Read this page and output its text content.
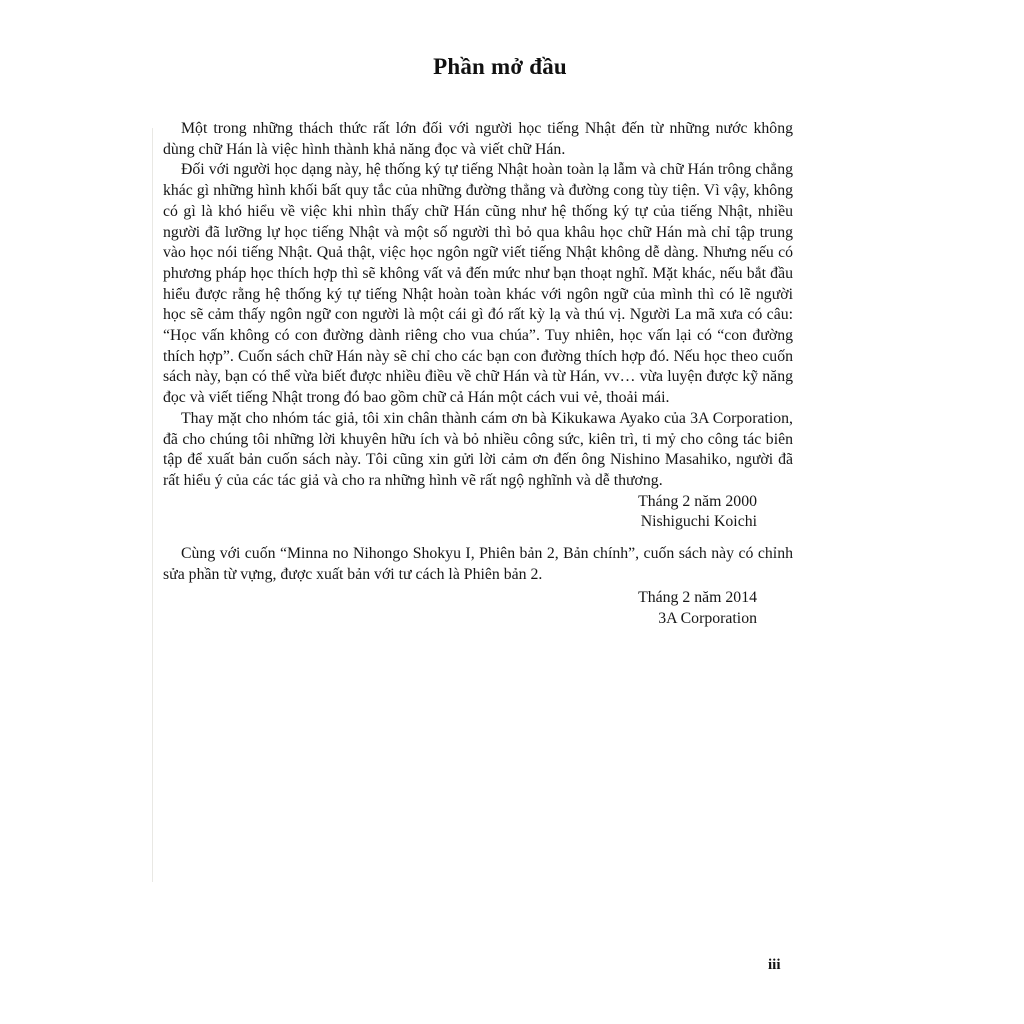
Phần mở đầu

Một trong những thách thức rất lớn đối với người học tiếng Nhật đến từ những nước không dùng chữ Hán là việc hình thành khả năng đọc và viết chữ Hán.

Đối với người học dạng này, hệ thống ký tự tiếng Nhật hoàn toàn lạ lẫm và chữ Hán trông chẳng khác gì những hình khối bất quy tắc của những đường thẳng và đường cong tùy tiện. Vì vậy, không có gì là khó hiểu về việc khi nhìn thấy chữ Hán cũng như hệ thống ký tự của tiếng Nhật, nhiều người đã lưỡng lự học tiếng Nhật và một số người thì bỏ qua khâu học chữ Hán mà chỉ tập trung vào học nói tiếng Nhật. Quả thật, việc học ngôn ngữ viết tiếng Nhật không dễ dàng. Nhưng nếu có phương pháp học thích hợp thì sẽ không vất vả đến mức như bạn thoạt nghĩ. Mặt khác, nếu bắt đầu hiểu được rằng hệ thống ký tự tiếng Nhật hoàn toàn khác với ngôn ngữ của mình thì có lẽ người học sẽ cảm thấy ngôn ngữ con người là một cái gì đó rất kỳ lạ và thú vị. Người La mã xưa có câu: “Học vấn không có con đường dành riêng cho vua chúa”. Tuy nhiên, học vấn lại có “con đường thích hợp”. Cuốn sách chữ Hán này sẽ chỉ cho các bạn con đường thích hợp đó. Nếu học theo cuốn sách này, bạn có thể vừa biết được nhiều điều về chữ Hán và từ Hán, vv… vừa luyện được kỹ năng đọc và viết tiếng Nhật trong đó bao gồm chữ cả Hán một cách vui vẻ, thoải mái.

Thay mặt cho nhóm tác giả, tôi xin chân thành cám ơn bà Kikukawa Ayako của 3A Corporation, đã cho chúng tôi những lời khuyên hữu ích và bỏ nhiều công sức, kiên trì, ti mỷ cho công tác biên tập để xuất bản cuốn sách này. Tôi cũng xin gửi lời cảm ơn đến ông Nishino Masahiko, người đã rất hiểu ý của các tác giả và cho ra những hình vẽ rất ngộ nghĩnh và dễ thương.

Tháng 2 năm 2000
Nishiguchi Koichi

Cùng với cuốn “Minna no Nihongo Shokyu I, Phiên bản 2, Bản chính”, cuốn sách này có chỉnh sửa phần từ vựng, được xuất bản với tư cách là Phiên bản 2.

Tháng 2 năm 2014
3A Corporation
iii
